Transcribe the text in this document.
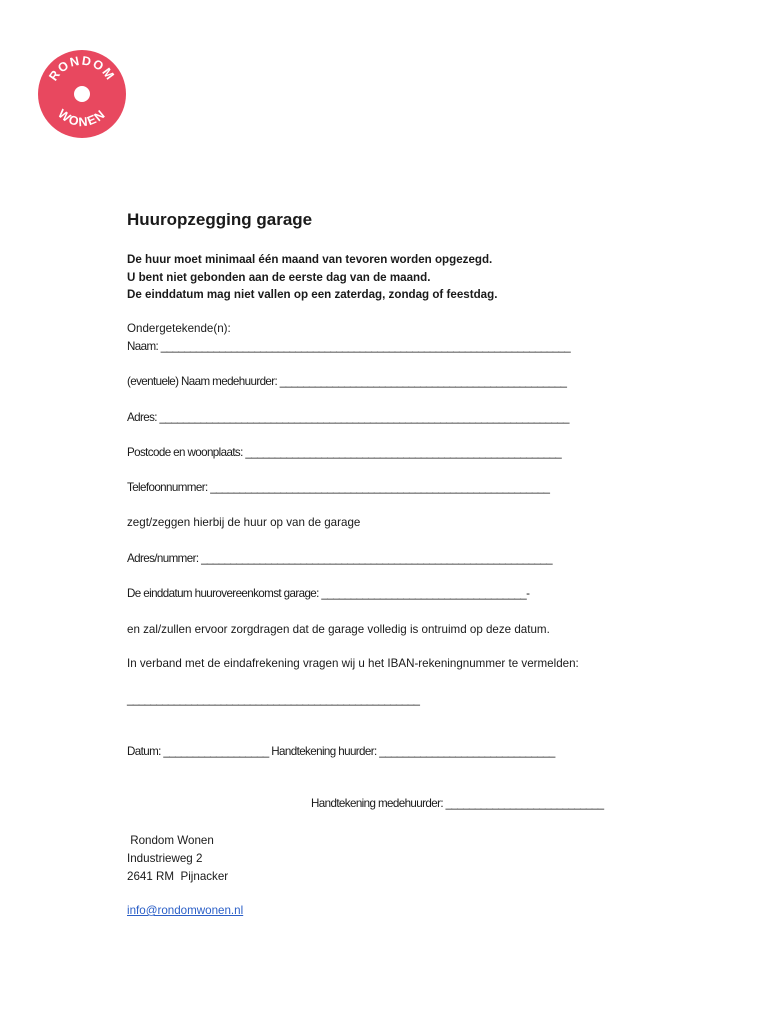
RONDOM
WONEN
Huuropzegging garage
De huur moet minimaal één maand van tevoren worden opgezegd.
U bent niet gebonden aan de eerste dag van de maand.
De einddatum mag niet vallen op een zaterdag, zondag of feestdag.
Ondergetekende(n):
Naam: ______________________________________________________________________
(eventuele) Naam medehuurder: _________________________________________________
Adres: ______________________________________________________________________
Postcode en woonplaats: ______________________________________________________
Telefoonnummer: __________________________________________________________
zegt/zeggen hierbij de huur op van de garage
Adres/nummer: ____________________________________________________________
De einddatum huurovereenkomst garage: ___________________________________-
en zal/zullen ervoor zorgdragen dat de garage volledig is ontruimd op deze datum.
In verband met de eindafrekening vragen wij u het IBAN-rekeningnummer te vermelden:
__________________________________________________
Datum: __________________ Handtekening huurder: ______________________________
Handtekening medehuurder: ___________________________
Rondom Wonen
Industrieweg 2
2641 RM  Pijnacker
info@rondomwonen.nl
